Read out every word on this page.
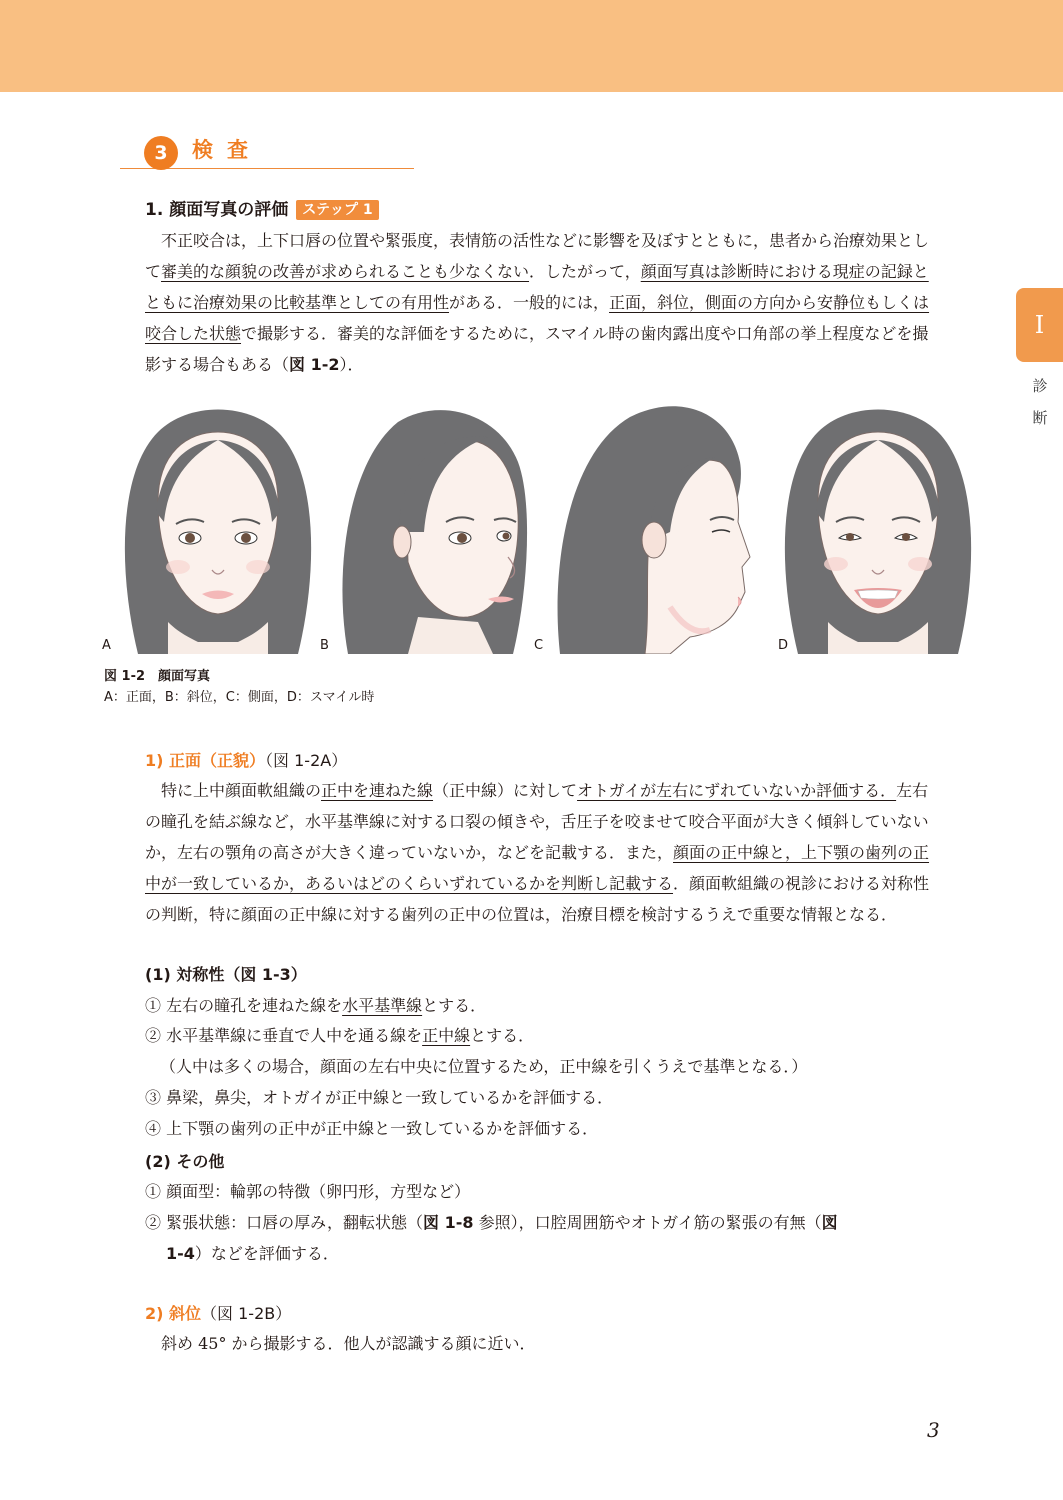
I
診
断
3	検査
1. 顔面写真の評価 ステップ 1

不正咬合は，上下口唇の位置や緊張度，表情筋の活性などに影響を及ぼすとともに，患者から治療効果として審美的な顔貌の改善が求められることも少なくない．したがって，顔面写真は診断時における現症の記録とともに治療効果の比較基準としての有用性がある．一般的には，正面，斜位，側面の方向から安静位もしくは咬合した状態で撮影する．審美的な評価をするために，スマイル時の歯肉露出度や口角部の挙上程度などを撮影する場合もある（図 1-2）．

A	B	C	D
図 1-2　顔面写真
A：正面，B：斜位，C：側面，D：スマイル時
1) 正面（正貌）（図 1-2A）

特に上中顔面軟組織の正中を連ねた線（正中線）に対してオトガイが左右にずれていないか評価する．左右の瞳孔を結ぶ線など，水平基準線に対する口裂の傾きや，舌圧子を咬ませて咬合平面が大きく傾斜していないか，左右の顎角の高さが大きく違っていないか，などを記載する．また，顔面の正中線と，上下顎の歯列の正中が一致しているか，あるいはどのくらいずれているかを判断し記載する．顔面軟組織の視診における対称性の判断，特に顔面の正中線に対する歯列の正中の位置は，治療目標を検討するうえで重要な情報となる．

(1) 対称性（図 1-3）
① 左右の瞳孔を連ねた線を水平基準線とする．
② 水平基準線に垂直で人中を通る線を正中線とする．
（人中は多くの場合，顔面の左右中央に位置するため，正中線を引くうえで基準となる．）
③ 鼻梁，鼻尖，オトガイが正中線と一致しているかを評価する．
④ 上下顎の歯列の正中が正中線と一致しているかを評価する．
(2) その他
① 顔面型：輪郭の特徴（卵円形，方型など）
② 緊張状態：口唇の厚み，翻転状態（図 1-8 参照），口腔周囲筋やオトガイ筋の緊張の有無（図
1-4）などを評価する．
2) 斜位（図 1-2B）
斜め 45° から撮影する．他人が認識する顔に近い．
3
